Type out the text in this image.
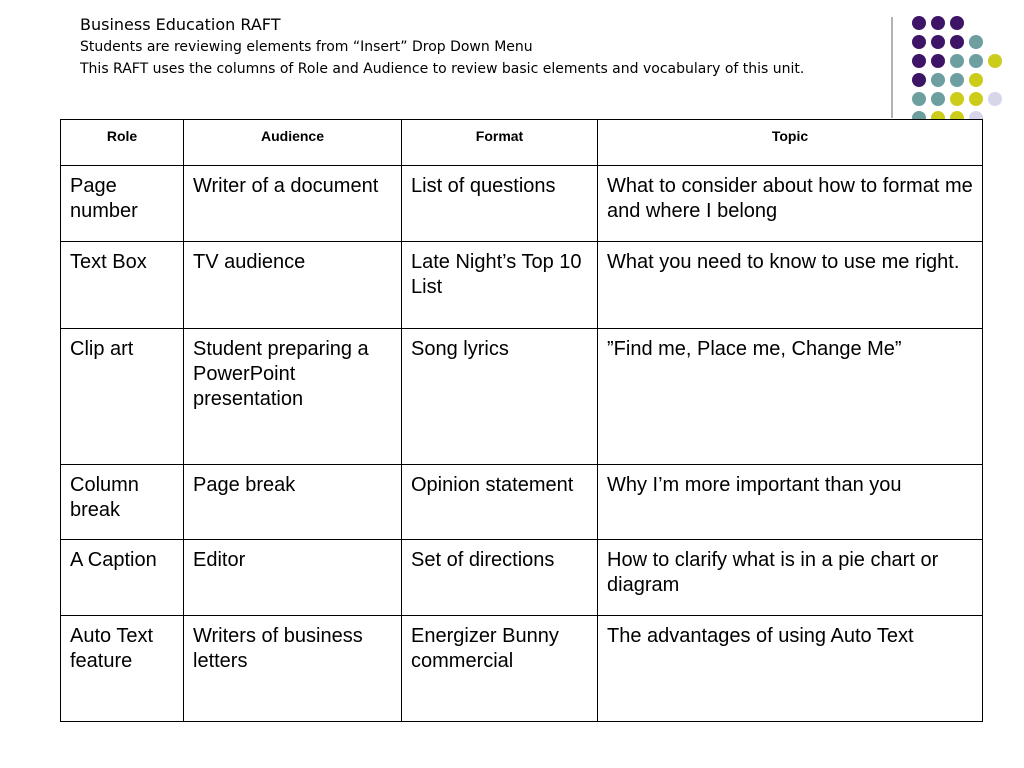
Business Education RAFT
Students are reviewing elements from “Insert” Drop Down Menu
This RAFT uses the columns of Role and Audience to review basic elements and vocabulary of this unit.
Role	Audience	Format	Topic
Page number	Writer of a document	List of questions	What to consider about how to format me and where I belong
Text Box	TV audience	Late Night’s Top 10 List	What you need to know to use me right.
Clip art	Student preparing a PowerPoint presentation	Song lyrics	”Find me, Place me, Change Me”
Column break	Page break	Opinion statement	Why I’m more important than you
A Caption	Editor	Set of directions	How to clarify what is in a pie chart or diagram
Auto Text feature	Writers of business letters	Energizer Bunny commercial	The advantages of using Auto Text
